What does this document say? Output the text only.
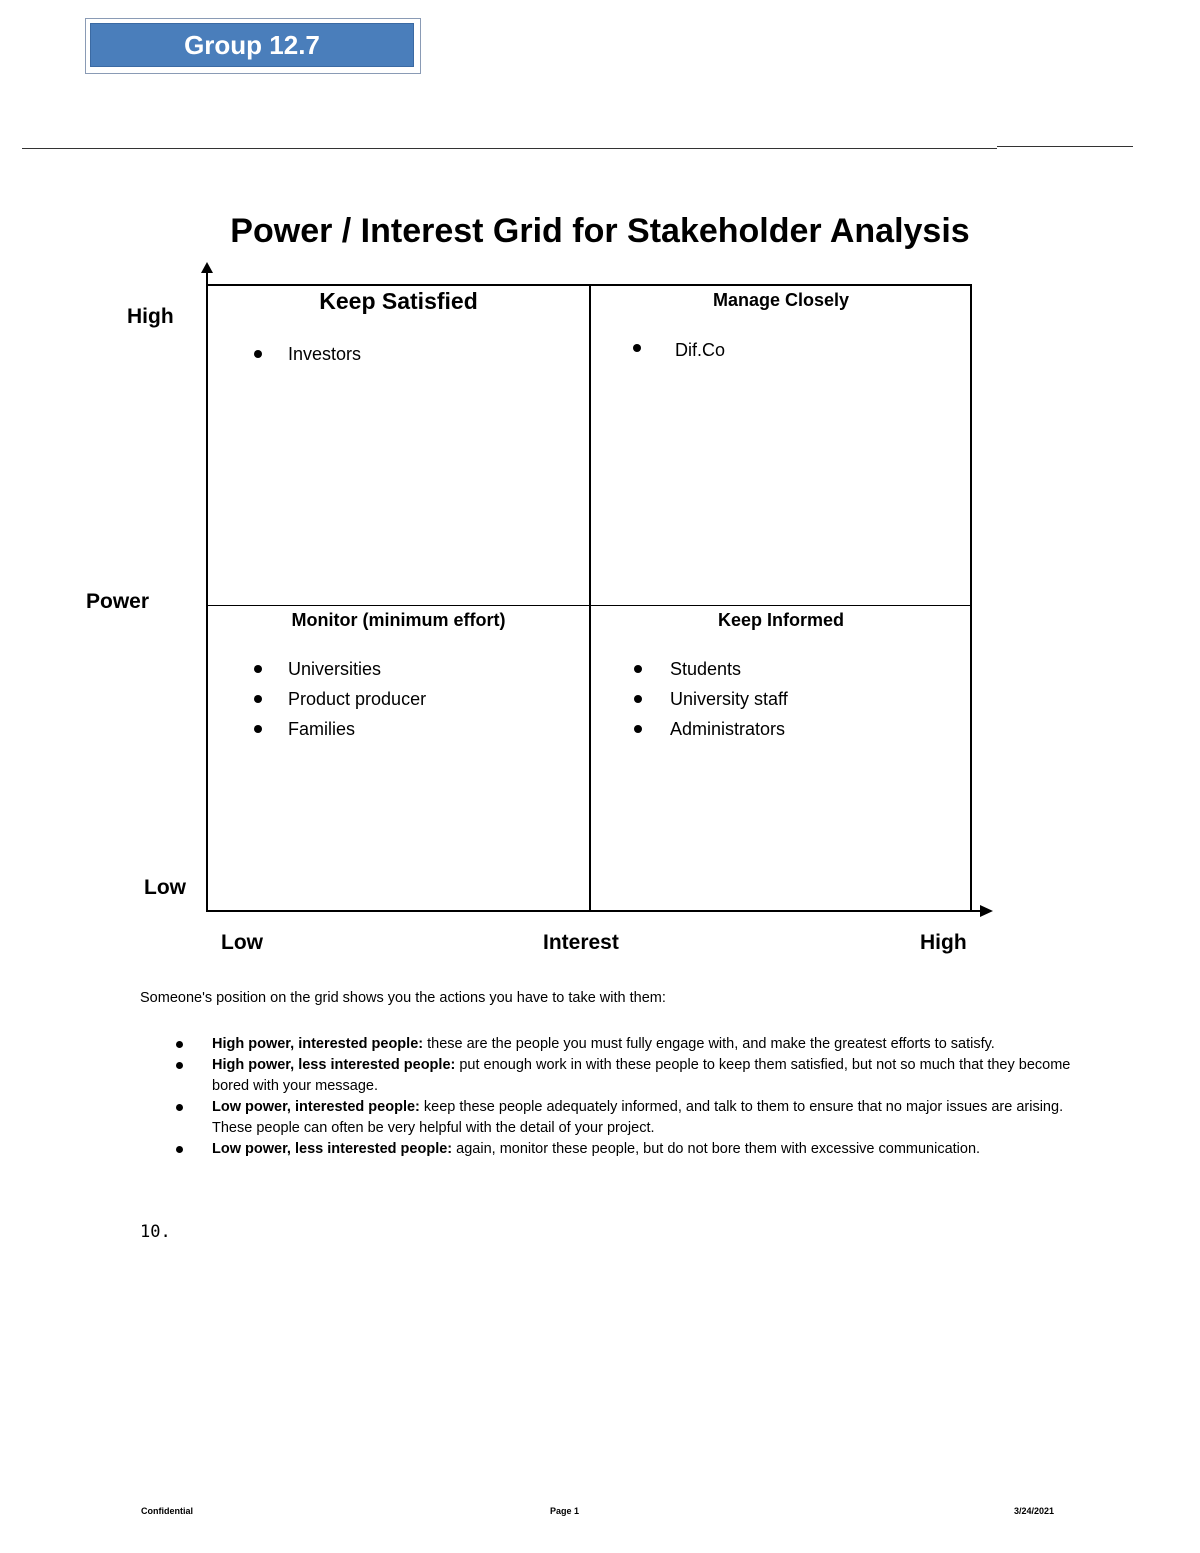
Group 12.7
Power / Interest Grid for Stakeholder Analysis
High
Power
Low
Low	Interest	High
Keep Satisfied
Investors
Manage Closely
Dif.Co
Monitor (minimum effort)
Universities
Product producer
Families
Keep Informed
Students
University staff
Administrators

Someone's position on the grid shows you the actions you have to take with them:

High power, interested people: these are the people you must fully engage with, and make the greatest efforts to satisfy.
High power, less interested people: put enough work in with these people to keep them satisfied, but not so much that they become bored with your message.
Low power, interested people: keep these people adequately informed, and talk to them to ensure that no major issues are arising. These people can often be very helpful with the detail of your project.
Low power, less interested people: again, monitor these people, but do not bore them with excessive communication.
10.
Confidential	Page 1	3/24/2021
